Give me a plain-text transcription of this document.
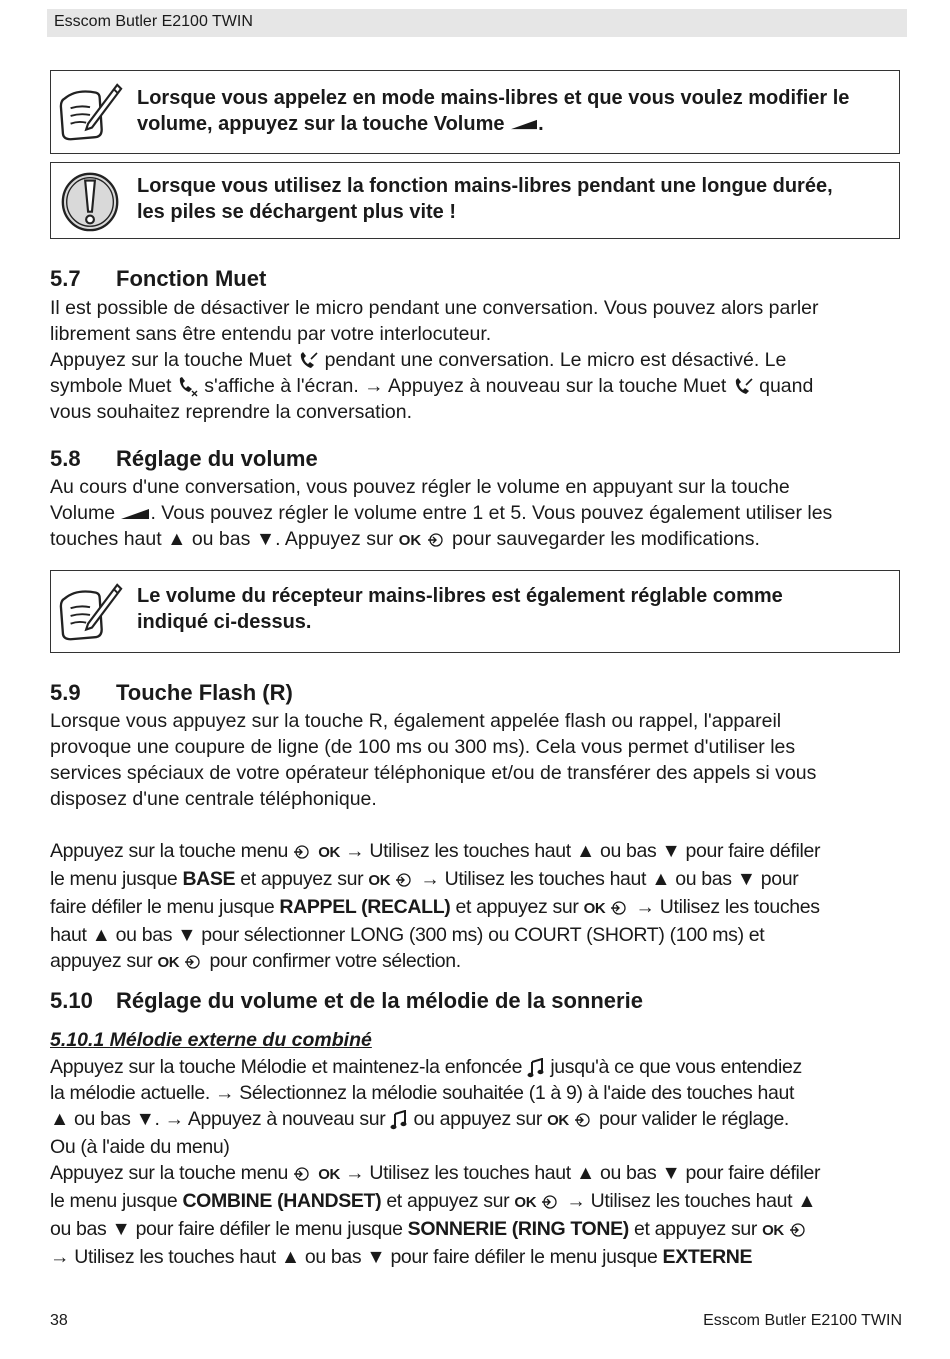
Esscom Butler E2100 TWIN
Lorsque vous appelez en mode mains-libres et que vous voulez modifier le volume, appuyez sur la touche Volume .
Lorsque vous utilisez la fonction mains-libres pendant une longue durée,
les piles se déchargent plus vite !
5.7 Fonction Muet
Il est possible de désactiver le micro pendant une conversation. Vous pouvez alors parler
librement sans être entendu par votre interlocuteur.
Appuyez sur la touche Muet pendant une conversation. Le micro est désactivé. Le
symbole Muet s'affiche à l'écran. → Appuyez à nouveau sur la touche Muet quand
vous souhaitez reprendre la conversation.
5.8 Réglage du volume
Au cours d'une conversation, vous pouvez régler le volume en appuyant sur la touche
Volume . Vous pouvez régler le volume entre 1 et 5. Vous pouvez également utiliser les
touches haut ▲ ou bas ▼. Appuyez sur OK pour sauvegarder les modifications.
Le volume du récepteur mains-libres est également réglable comme
indiqué ci-dessus.
5.9 Touche Flash (R)
Lorsque vous appuyez sur la touche R, également appelée flash ou rappel, l'appareil
provoque une coupure de ligne (de 100 ms ou 300 ms). Cela vous permet d'utiliser les
services spéciaux de votre opérateur téléphonique et/ou de transférer des appels si vous
disposez d'une centrale téléphonique.
Appuyez sur la touche menu OK → Utilisez les touches haut ▲ ou bas ▼ pour faire défiler
le menu jusque BASE et appuyez sur OK → Utilisez les touches haut ▲ ou bas ▼ pour
faire défiler le menu jusque RAPPEL (RECALL) et appuyez sur OK → Utilisez les touches
haut ▲ ou bas ▼ pour sélectionner LONG (300 ms) ou COURT (SHORT) (100 ms) et
appuyez sur OK pour confirmer votre sélection.
5.10 Réglage du volume et de la mélodie de la sonnerie
5.10.1 Mélodie externe du combiné
Appuyez sur la touche Mélodie et maintenez-la enfoncée jusqu'à ce que vous entendiez
la mélodie actuelle. → Sélectionnez la mélodie souhaitée (1 à 9) à l'aide des touches haut
▲ ou bas ▼. → Appuyez à nouveau sur ou appuyez sur OK pour valider le réglage.
Ou (à l'aide du menu)
Appuyez sur la touche menu OK → Utilisez les touches haut ▲ ou bas ▼ pour faire défiler
le menu jusque COMBINE (HANDSET) et appuyez sur OK → Utilisez les touches haut ▲
ou bas ▼ pour faire défiler le menu jusque SONNERIE (RING TONE) et appuyez sur OK
→ Utilisez les touches haut ▲ ou bas ▼ pour faire défiler le menu jusque EXTERNE
38	Esscom Butler E2100 TWIN
